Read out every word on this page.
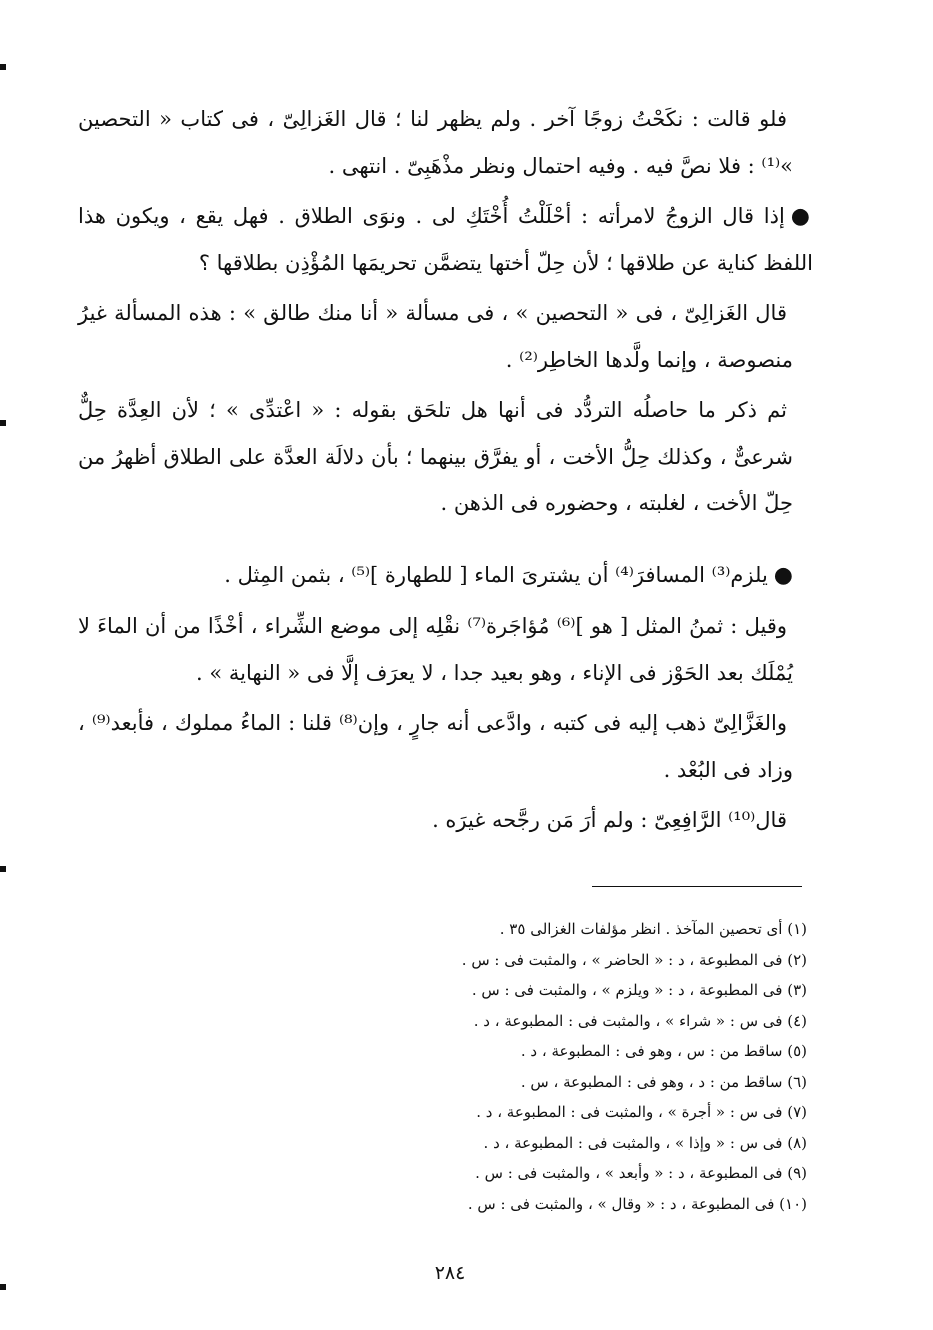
فلو قالت : نكَحْتُ زوجًا آخر . ولم يظهر لنا ؛ قال الغَزالِىّ ، فى كتاب « التحصين »⁽¹⁾ : فلا نصَّ فيه . وفيه احتمال ونظر مذْهَبِىّ . انتهى .

●إذا قال الزوجُ لامرأته : أحْلَلْتُ أُخْتَكِ لى . ونوَى الطلاق . فهل يقع ، ويكون هذا اللفظ كناية عن طلاقها ؛ لأن حِلّ أختها يتضمَّن تحريمَها المُؤْذِن بطلاقها ؟

قال الغَزالِىّ ، فى « التحصين » ، فى مسألة « أنا منك طالق » : هذه المسألة غيرُ منصوصة ، وإنما ولَّدها الخاطِر⁽²⁾ .

ثم ذكر ما حاصلُه التردُّد فى أنها هل تلحَق بقوله : « اعْتدِّى » ؛ لأن العِدَّة حِلٌّ شرعىٌّ ، وكذلك حِلُّ الأخت ، أو يفرَّق بينهما ؛ بأن دلالَة العدَّة على الطلاق أظهرُ من حِلّ الأخت ، لغلبته ، وحضوره فى الذهن .

●يلزم⁽³⁾ المسافرَ⁽⁴⁾ أن يشترىَ الماء [ للطهارة ]⁽⁵⁾ ، بثمن المِثل .

وقيل : ثمنُ المثل [ هو ]⁽⁶⁾ مُؤاجَرة⁽⁷⁾ نقْلِه إلى موضع الشِّراء ، أخْذًا من أن الماءَ لا يُمْلَك بعد الحَوْز فى الإناء ، وهو بعيد جدا ، لا يعرَف إلَّا فى « النهاية » .

والغَزَّالِىّ ذهب إليه فى كتبه ، وادَّعى أنه جارٍ ، وإن⁽⁸⁾ قلنا : الماءُ مملوك ، فأبعد⁽⁹⁾ ، وزاد فى البُعْد .

قال⁽¹⁰⁾ الرَّافِعِىّ : ولم أرَ مَن رجَّحه غيرَه .

(١) أى تحصين المآخذ . انظر مؤلفات الغزالى ٣٥ .
(٢) فى المطبوعة ، د : « الحاضر » ، والمثبت فى : س .
(٣) فى المطبوعة ، د : « ويلزم » ، والمثبت فى : س .
(٤) فى س : « شراء » ، والمثبت فى : المطبوعة ، د .
(٥) ساقط من : س ، وهو فى : المطبوعة ، د .
(٦) ساقط من : د ، وهو فى : المطبوعة ، س .
(٧) فى س : « أجرة » ، والمثبت فى : المطبوعة ، د .
(٨) فى س : « وإذا » ، والمثبت فى : المطبوعة ، د .
(٩) فى المطبوعة ، د : « وأبعد » ، والمثبت فى : س .
(١٠) فى المطبوعة ، د : « وقال » ، والمثبت فى : س .
٢٨٤
